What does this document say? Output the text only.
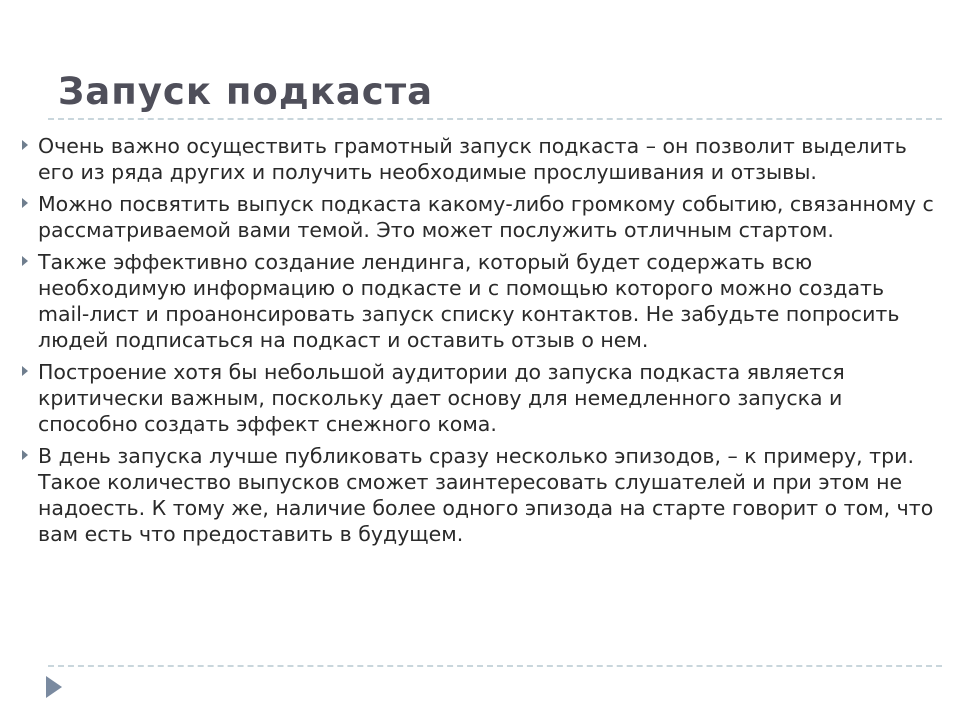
Запуск подкаста
Очень важно осуществить грамотный запуск подкаста – он позволит выделить его из ряда других и получить необходимые прослушивания и отзывы.
Можно посвятить выпуск подкаста какому-либо громкому событию, связанному с рассматриваемой вами темой. Это может послужить отличным стартом.
Также эффективно создание лендинга, который будет содержать всю необходимую информацию о подкасте и с помощью которого можно создать mail-лист и проанонсировать запуск списку контактов. Не забудьте попросить людей подписаться на подкаст и оставить отзыв о нем.
Построение хотя бы небольшой аудитории до запуска подкаста является критически важным, поскольку дает основу для немедленного запуска и способно создать эффект снежного кома.
В день запуска лучше публиковать сразу несколько эпизодов, – к примеру, три. Такое количество выпусков сможет заинтересовать слушателей и при этом не надоесть. К тому же, наличие более одного эпизода на старте говорит о том, что вам есть что предоставить в будущем.
